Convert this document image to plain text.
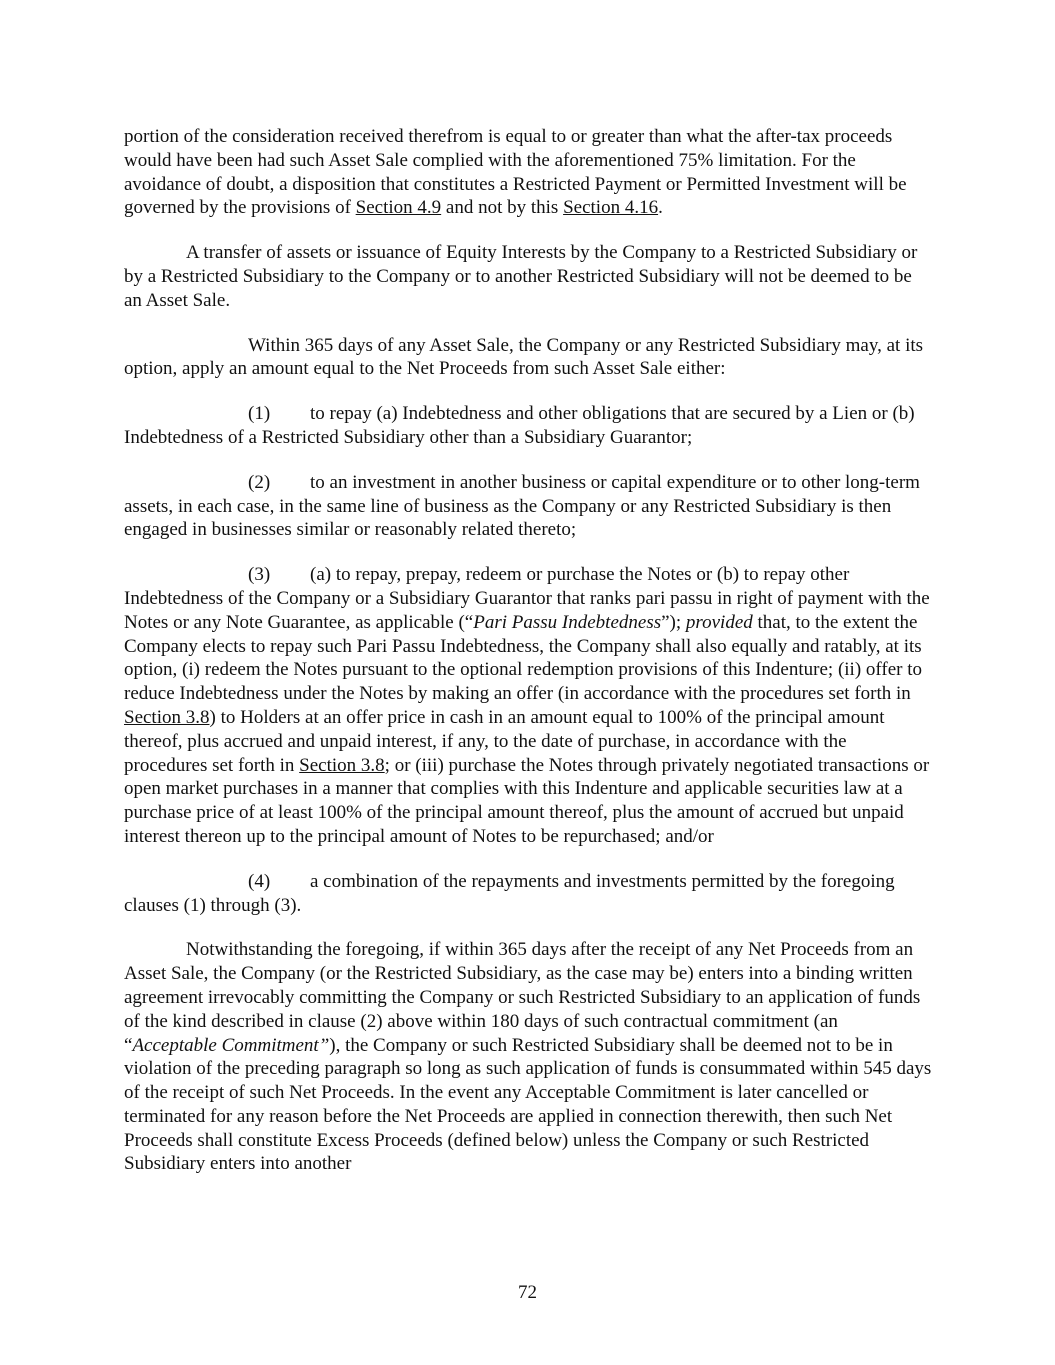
portion of the consideration received therefrom is equal to or greater than what the after-tax proceeds would have been had such Asset Sale complied with the aforementioned 75% limitation. For the avoidance of doubt, a disposition that constitutes a Restricted Payment or Permitted Investment will be governed by the provisions of Section 4.9 and not by this Section 4.16.

A transfer of assets or issuance of Equity Interests by the Company to a Restricted Subsidiary or by a Restricted Subsidiary to the Company or to another Restricted Subsidiary will not be deemed to be an Asset Sale.

Within 365 days of any Asset Sale, the Company or any Restricted Subsidiary may, at its option, apply an amount equal to the Net Proceeds from such Asset Sale either:

(1) to repay (a) Indebtedness and other obligations that are secured by a Lien or (b) Indebtedness of a Restricted Subsidiary other than a Subsidiary Guarantor;

(2) to an investment in another business or capital expenditure or to other long-term assets, in each case, in the same line of business as the Company or any Restricted Subsidiary is then engaged in businesses similar or reasonably related thereto;

(3) (a) to repay, prepay, redeem or purchase the Notes or (b) to repay other Indebtedness of the Company or a Subsidiary Guarantor that ranks pari passu in right of payment with the Notes or any Note Guarantee, as applicable (“Pari Passu Indebtedness”); provided that, to the extent the Company elects to repay such Pari Passu Indebtedness, the Company shall also equally and ratably, at its option, (i) redeem the Notes pursuant to the optional redemption provisions of this Indenture; (ii) offer to reduce Indebtedness under the Notes by making an offer (in accordance with the procedures set forth in Section 3.8) to Holders at an offer price in cash in an amount equal to 100% of the principal amount thereof, plus accrued and unpaid interest, if any, to the date of purchase, in accordance with the procedures set forth in Section 3.8; or (iii) purchase the Notes through privately negotiated transactions or open market purchases in a manner that complies with this Indenture and applicable securities law at a purchase price of at least 100% of the principal amount thereof, plus the amount of accrued but unpaid interest thereon up to the principal amount of Notes to be repurchased; and/or

(4) a combination of the repayments and investments permitted by the foregoing clauses (1) through (3).

Notwithstanding the foregoing, if within 365 days after the receipt of any Net Proceeds from an Asset Sale, the Company (or the Restricted Subsidiary, as the case may be) enters into a binding written agreement irrevocably committing the Company or such Restricted Subsidiary to an application of funds of the kind described in clause (2) above within 180 days of such contractual commitment (an “Acceptable Commitment”), the Company or such Restricted Subsidiary shall be deemed not to be in violation of the preceding paragraph so long as such application of funds is consummated within 545 days of the receipt of such Net Proceeds. In the event any Acceptable Commitment is later cancelled or terminated for any reason before the Net Proceeds are applied in connection therewith, then such Net Proceeds shall constitute Excess Proceeds (defined below) unless the Company or such Restricted Subsidiary enters into another

72
